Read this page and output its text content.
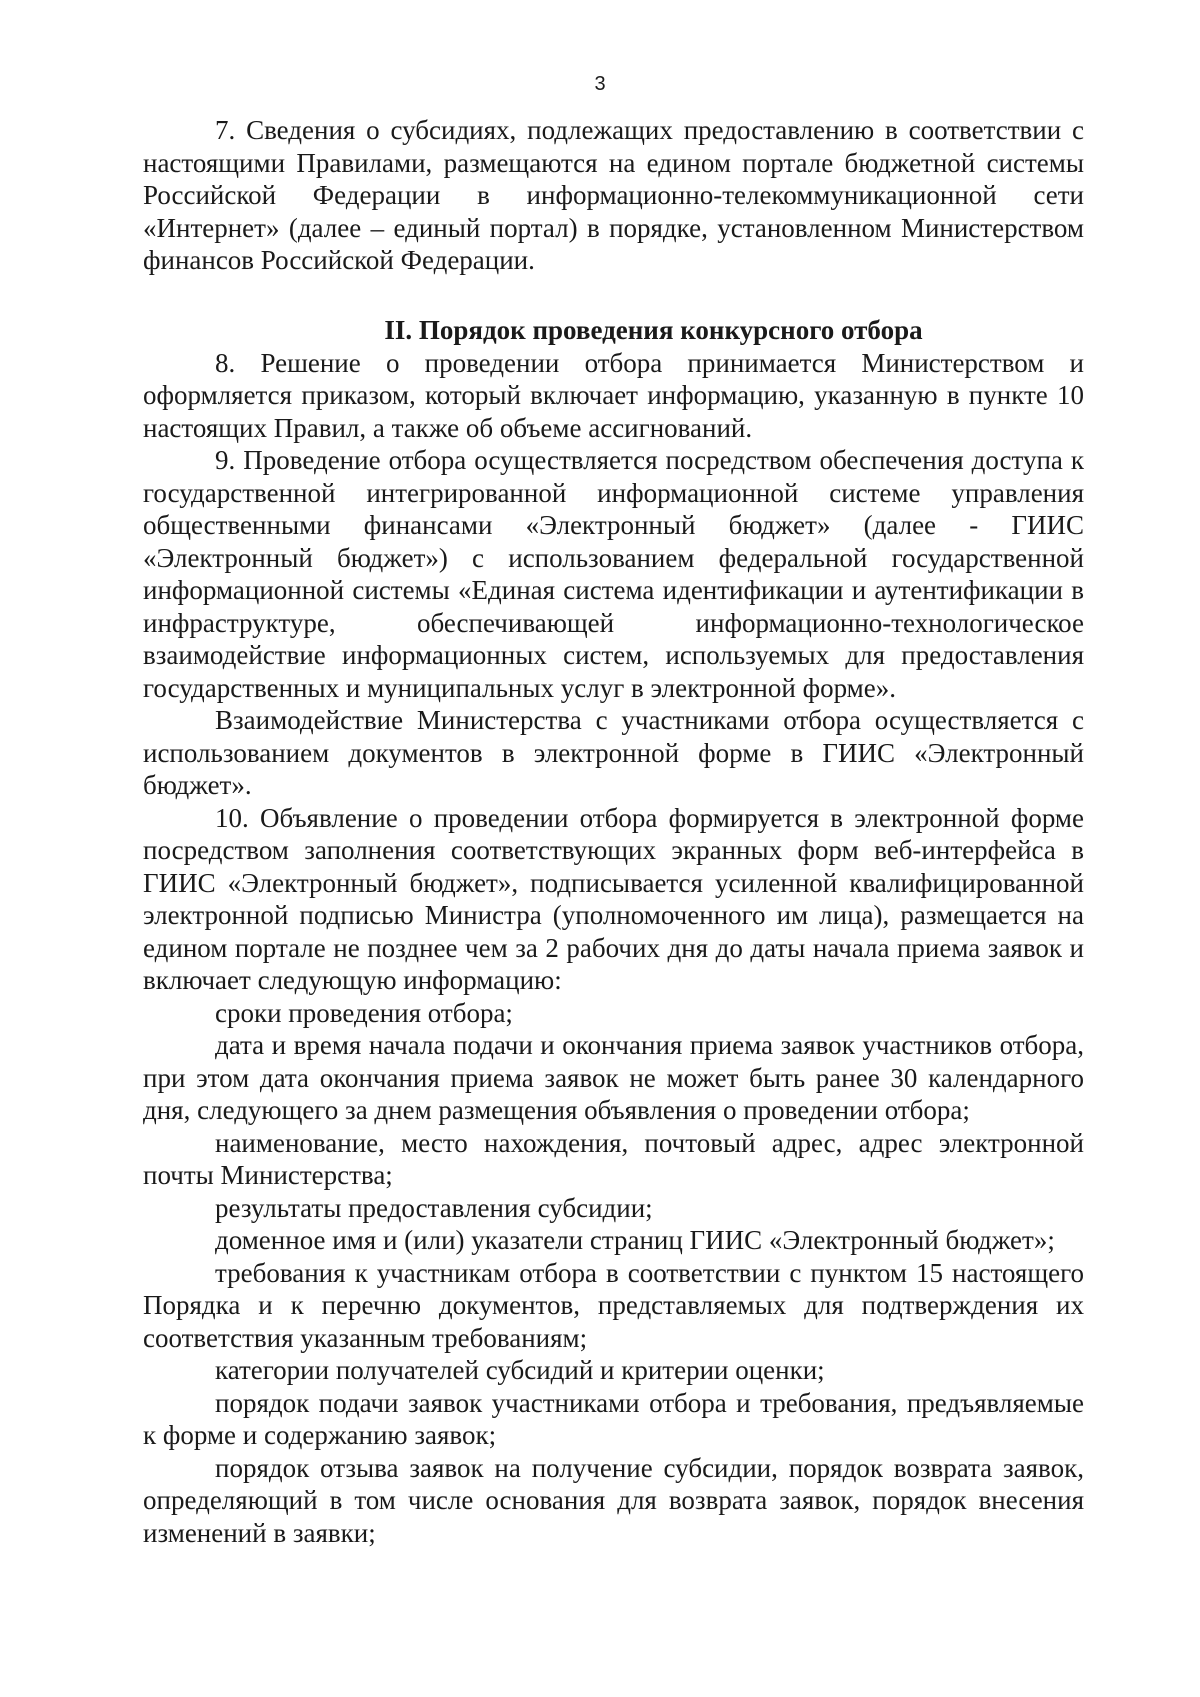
3

7. Сведения о субсидиях, подлежащих предоставлению в соответствии с настоящими Правилами, размещаются на едином портале бюджетной системы Российской Федерации в информационно-телекоммуникационной сети «Интернет» (далее – единый портал) в порядке, установленном Министерством финансов Российской Федерации.

II. Порядок проведения конкурсного отбора

8. Решение о проведении отбора принимается Министерством и оформляется приказом, который включает информацию, указанную в пункте 10 настоящих Правил, а также об объеме ассигнований.

9. Проведение отбора осуществляется посредством обеспечения доступа к государственной интегрированной информационной системе управления общественными финансами «Электронный бюджет» (далее - ГИИС «Электронный бюджет») с использованием федеральной государственной информационной системы «Единая система идентификации и аутентификации в инфраструктуре, обеспечивающей информационно-технологическое взаимодействие информационных систем, используемых для предоставления государственных и муниципальных услуг в электронной форме».

Взаимодействие Министерства с участниками отбора осуществляется с использованием документов в электронной форме в ГИИС «Электронный бюджет».

10. Объявление о проведении отбора формируется в электронной форме посредством заполнения соответствующих экранных форм веб-интерфейса в ГИИС «Электронный бюджет», подписывается усиленной квалифицированной электронной подписью Министра (уполномоченного им лица), размещается на едином портале не позднее чем за 2 рабочих дня до даты начала приема заявок и включает следующую информацию:

сроки проведения отбора;

дата и время начала подачи и окончания приема заявок участников отбора, при этом дата окончания приема заявок не может быть ранее 30 календарного дня, следующего за днем размещения объявления о проведении отбора;

наименование, место нахождения, почтовый адрес, адрес электронной почты Министерства;

результаты предоставления субсидии;

доменное имя и (или) указатели страниц ГИИС «Электронный бюджет»;

требования к участникам отбора в соответствии с пунктом 15 настоящего Порядка и к перечню документов, представляемых для подтверждения их соответствия указанным требованиям;

категории получателей субсидий и критерии оценки;

порядок подачи заявок участниками отбора и требования, предъявляемые к форме и содержанию заявок;

порядок отзыва заявок на получение субсидии, порядок возврата заявок, определяющий в том числе основания для возврата заявок, порядок внесения изменений в заявки;
